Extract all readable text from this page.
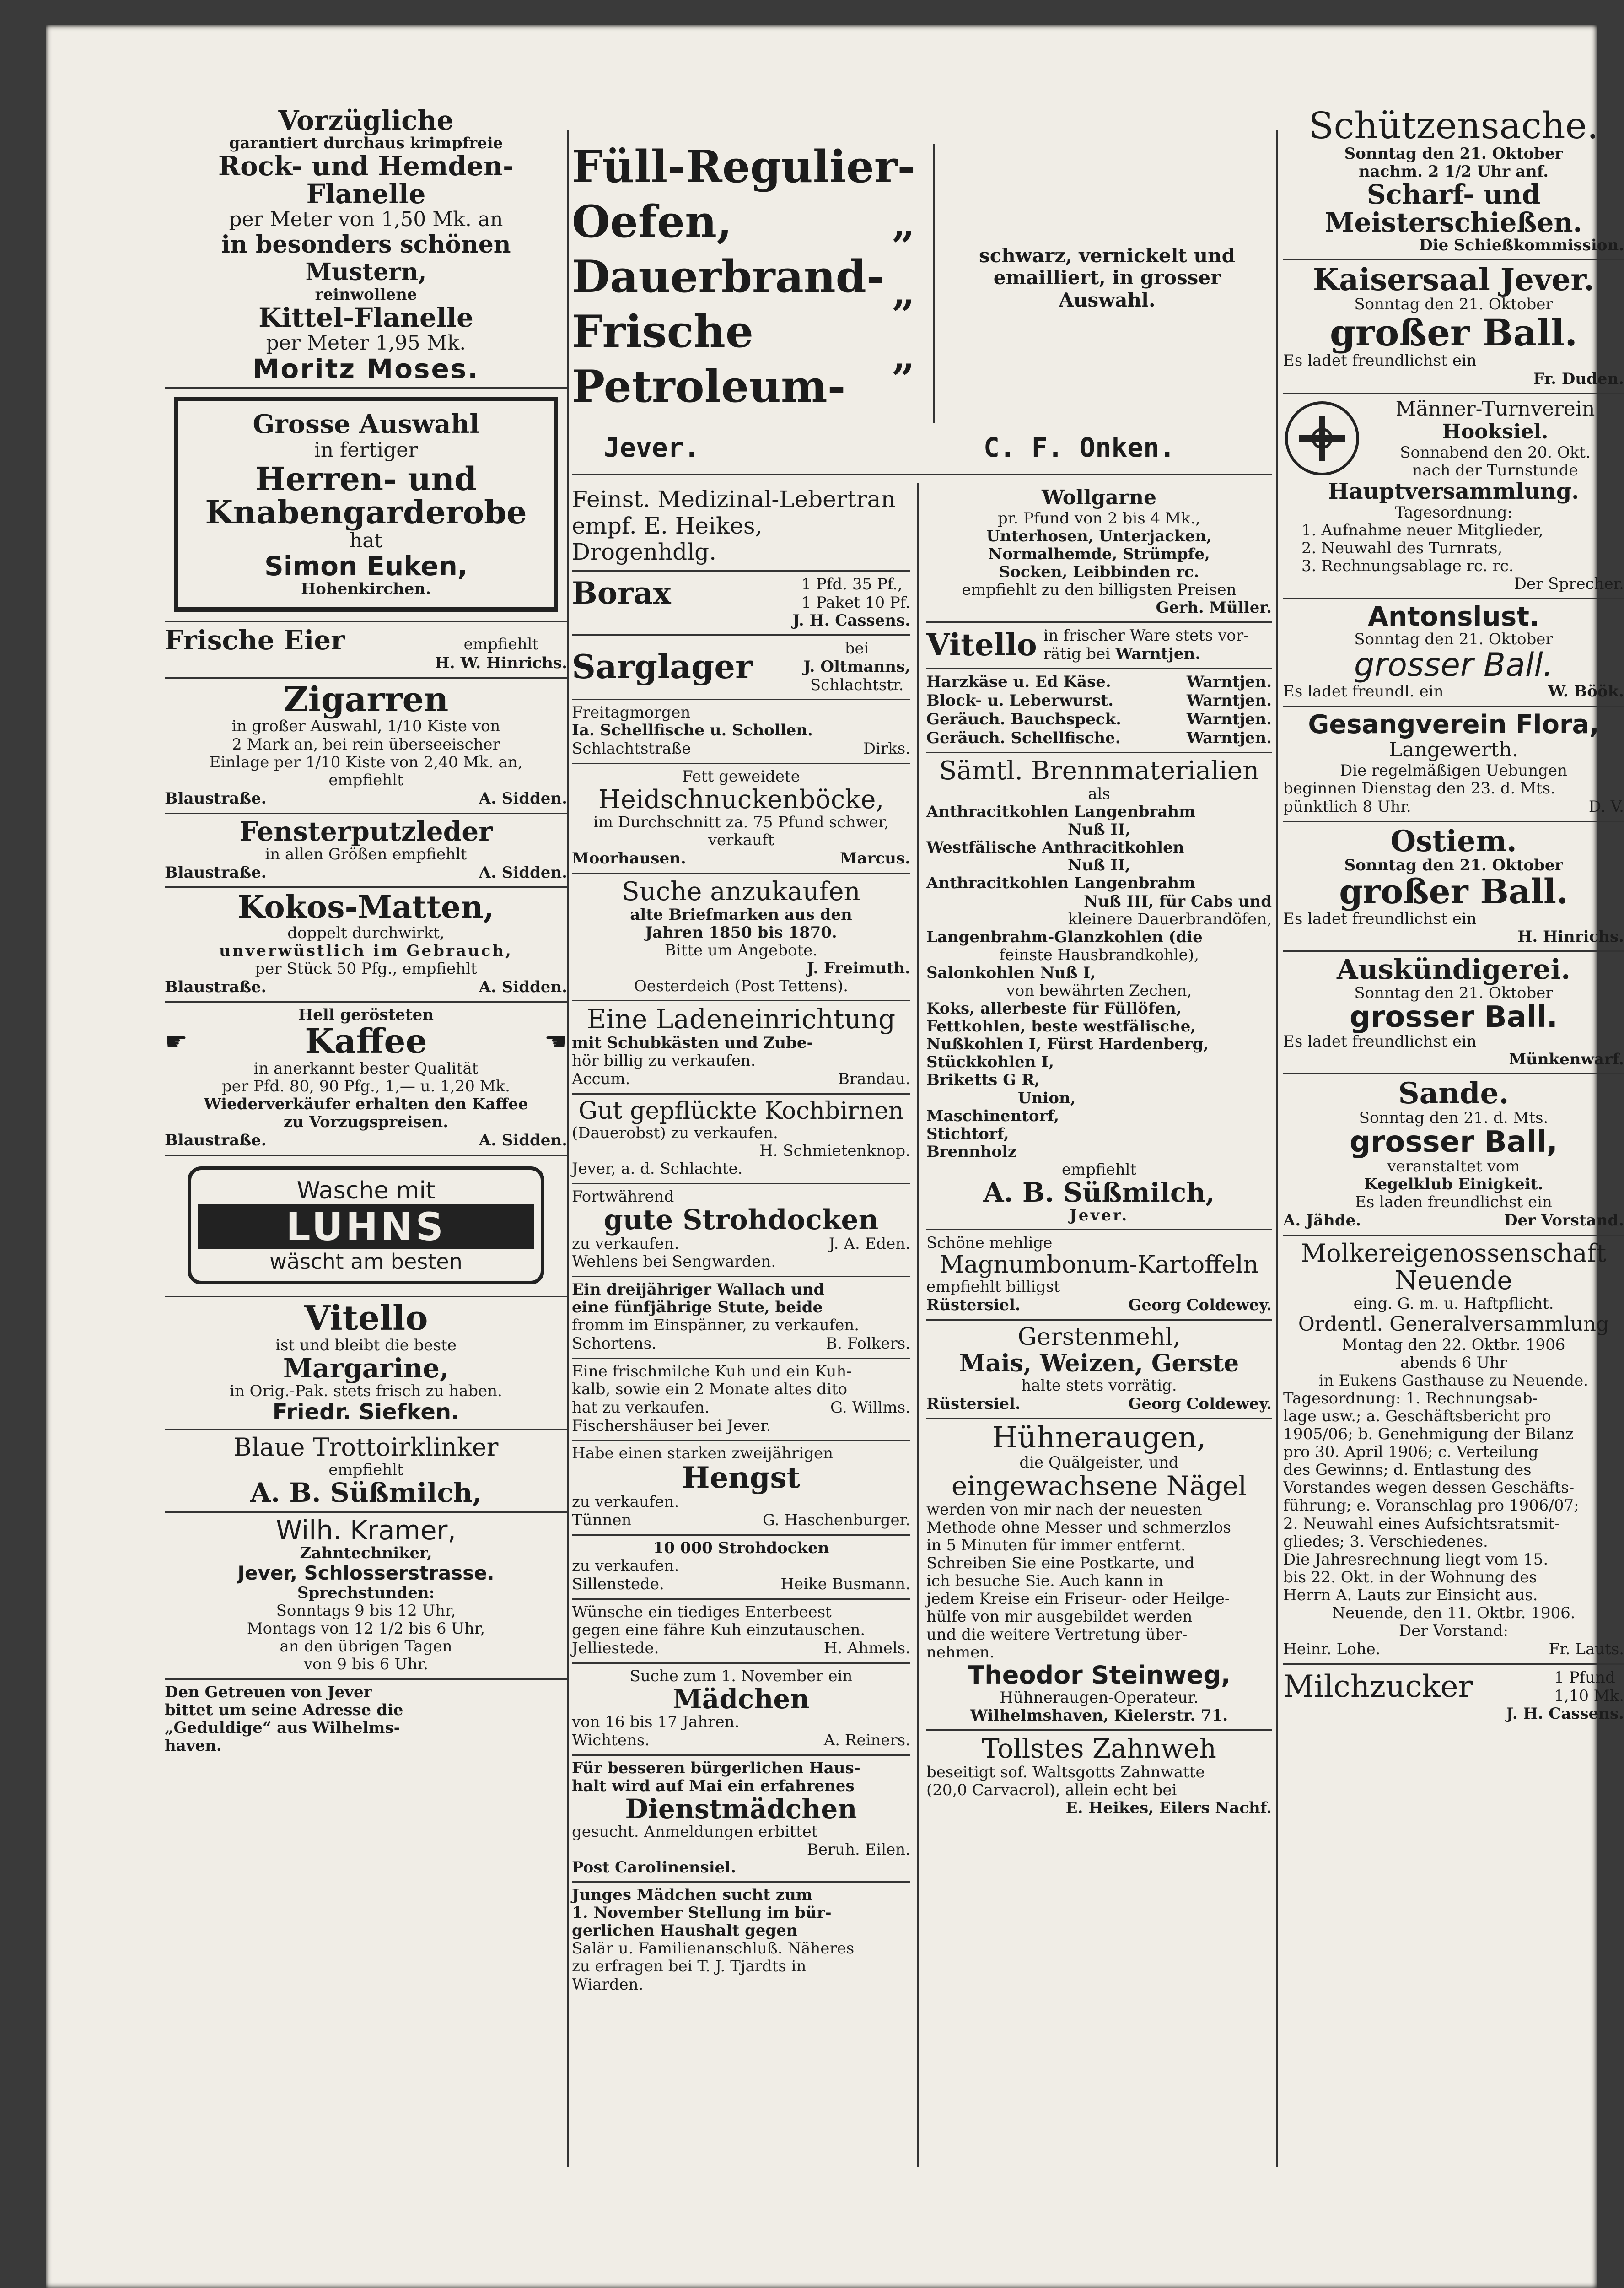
Vorzügliche

garantiert durchaus krimpfreie

Rock- und Hemden-

Flanelle

per Meter von 1,50 Mk. an

in besonders schönen Mustern,

reinwollene

Kittel-Flanelle

per Meter 1,95 Mk.

Moritz Moses.

Grosse Auswahl

in fertiger

Herren- und

Knabengarderobe

hat

Simon Euken,

Hohenkirchen.

Frische Eier	empfiehlt
H. W. Hinrichs.

Zigarren

in großer Auswahl, 1/10 Kiste von

2 Mark an, bei rein überseeischer

Einlage per 1/10 Kiste von 2,40 Mk. an,

empfiehlt

Blaustraße.	A. Sidden.

Fensterputzleder

in allen Größen empfiehlt

Blaustraße.	A. Sidden.

Kokos-Matten,

doppelt durchwirkt,

unverwüstlich im Gebrauch,

per Stück 50 Pfg., empfiehlt

Blaustraße.	A. Sidden.

Hell gerösteten

☛	Kaffee	☚

in anerkannt bester Qualität

per Pfd. 80, 90 Pfg., 1,— u. 1,20 Mk.

Wiederverkäufer erhalten den Kaffee

zu Vorzugspreisen.

Blaustraße.	A. Sidden.
Wasche mit
LUHNS
wäscht am besten

Vitello

ist und bleibt die beste

Margarine,

in Orig.-Pak. stets frisch zu haben.

Friedr. Siefken.

Blaue Trottoirklinker

empfiehlt

A. B. Süßmilch,

Wilh. Kramer,

Zahntechniker,

Jever, Schlosserstrasse.

Sprechstunden:

Sonntags 9 bis 12 Uhr,

Montags von 12 1/2 bis 6 Uhr,

an den übrigen Tagen

von 9 bis 6 Uhr.

Den Getreuen von Jever

bittet um seine Adresse die

„Geduldige“ aus Wilhelms-

haven.

Füll-Regulier-Oefen,

Dauerbrand-

Frische

Petroleum-

„
„
„

schwarz, vernickelt und

emailliert, in grosser

Auswahl.

Jever.	C. F. Onken.

Feinst. Medizinal-Lebertran

empf. E. Heikes, Drogenhdlg.

Borax	1 Pfd. 35 Pf.,
1 Paket 10 Pf.

J. H. Cassens.

Sarglager	bei
J. Oltmanns,
Schlachtstr.

Freitagmorgen

Ia. Schellfische u. Schollen.

Schlachtstraße	Dirks.

Fett geweidete

Heidschnuckenböcke,

im Durchschnitt za. 75 Pfund schwer,

verkauft

Moorhausen.	Marcus.

Suche anzukaufen

alte Briefmarken aus den

Jahren 1850 bis 1870.

Bitte um Angebote.

J. Freimuth.

Oesterdeich (Post Tettens).

Eine Ladeneinrichtung

mit Schubkästen und Zube-

hör billig zu verkaufen.

Accum.	Brandau.

Gut gepflückte Kochbirnen

(Dauerobst) zu verkaufen.

H. Schmietenknop.

Jever, a. d. Schlachte.

Fortwährend

gute Strohdocken

zu verkaufen.	J. A. Eden.

Wehlens bei Sengwarden.

Ein dreijähriger Wallach und

eine fünfjährige Stute, beide

fromm im Einspänner, zu verkaufen.

Schortens.	B. Folkers.

Eine frischmilche Kuh und ein Kuh-

kalb, sowie ein 2 Monate altes dito

hat zu verkaufen.	G. Willms.

Fischershäuser bei Jever.

Habe einen starken zweijährigen

Hengst

zu verkaufen.

Tünnen	G. Haschenburger.

10 000 Strohdocken

zu verkaufen.

Sillenstede.	Heike Busmann.

Wünsche ein tiediges Enterbeest

gegen eine fähre Kuh einzutauschen.

Jelliestede.	H. Ahmels.

Suche zum 1. November ein

Mädchen

von 16 bis 17 Jahren.

Wichtens.	A. Reiners.

Für besseren bürgerlichen Haus-

halt wird auf Mai ein erfahrenes

Dienstmädchen

gesucht. Anmeldungen erbittet

Beruh. Eilen.

Post Carolinensiel.

Junges Mädchen sucht zum

1. November Stellung im bür-

gerlichen Haushalt gegen

Salär u. Familienanschluß. Näheres

zu erfragen bei T. J. Tjardts in

Wiarden.

Wollgarne

pr. Pfund von 2 bis 4 Mk.,

Unterhosen, Unterjacken,

Normalhemde, Strümpfe,

Socken, Leibbinden rc.

empfiehlt zu den billigsten Preisen

Gerh. Müller.

Vitello in frischer Ware stets vor-
rätig bei Warntjen.
Harzkäse u. Ed Käse.	Warntjen.
Block- u. Leberwurst.	Warntjen.
Geräuch. Bauchspeck.	Warntjen.
Geräuch. Schellfische.	Warntjen.

Sämtl. Brennmaterialien

als

Anthracitkohlen Langenbrahm

Nuß II,

Westfälische Anthracitkohlen

Nuß II,

Anthracitkohlen Langenbrahm

Nuß III, für Cabs und

kleinere Dauerbrandöfen,

Langenbrahm-Glanzkohlen (die

feinste Hausbrandkohle),

Salonkohlen Nuß I,

von bewährten Zechen,

Koks, allerbeste für Füllöfen,

Fettkohlen, beste westfälische,

Nußkohlen I, Fürst Hardenberg,

Stückkohlen I,

Briketts G R,

Union,

Maschinentorf,

Stichtorf,

Brennholz

empfiehlt

A. B. Süßmilch,

Jever.

Schöne mehlige

Magnumbonum-Kartoffeln

empfiehlt billigst

Rüstersiel.	Georg Coldewey.

Gerstenmehl,

Mais, Weizen, Gerste

halte stets vorrätig.

Rüstersiel.	Georg Coldewey.

Hühneraugen,

die Quälgeister, und

eingewachsene Nägel

werden von mir nach der neuesten

Methode ohne Messer und schmerzlos

in 5 Minuten für immer entfernt.

Schreiben Sie eine Postkarte, und

ich besuche Sie. Auch kann in

jedem Kreise ein Friseur- oder Heilge-

hülfe von mir ausgebildet werden

und die weitere Vertretung über-

nehmen.

Theodor Steinweg,

Hühneraugen-Operateur.

Wilhelmshaven, Kielerstr. 71.

Tollstes Zahnweh

beseitigt sof. Waltsgotts Zahnwatte

(20,0 Carvacrol), allein echt bei

E. Heikes, Eilers Nachf.

Schützensache.

Sonntag den 21. Oktober

nachm. 2 1/2 Uhr anf.

Scharf- und

Meisterschießen.

Die Schießkommission.

Kaisersaal Jever.

Sonntag den 21. Oktober

großer Ball.

Es ladet freundlichst ein

Fr. Duden.

Männer-Turnverein

Hooksiel.

Sonnabend den 20. Okt.

nach der Turnstunde

Hauptversammlung.

Tagesordnung:

1. Aufnahme neuer Mitglieder,

2. Neuwahl des Turnrats,

3. Rechnungsablage rc. rc.

Der Sprecher.

Antonslust.

Sonntag den 21. Oktober

grosser Ball.

Es ladet freundl. ein	W. Böök.

Gesangverein Flora,

Langewerth.

Die regelmäßigen Uebungen

beginnen Dienstag den 23. d. Mts.

pünktlich 8 Uhr.	D. V.

Ostiem.

Sonntag den 21. Oktober

großer Ball.

Es ladet freundlichst ein

H. Hinrichs.

Auskündigerei.

Sonntag den 21. Oktober

grosser Ball.

Es ladet freundlichst ein

Münkenwarf.

Sande.

Sonntag den 21. d. Mts.

grosser Ball,

veranstaltet vom

Kegelklub Einigkeit.

Es laden freundlichst ein

A. Jähde.	Der Vorstand.

Molkereigenossenschaft

Neuende

eing. G. m. u. Haftpflicht.

Ordentl. Generalversammlung

Montag den 22. Oktbr. 1906

abends 6 Uhr

in Eukens Gasthause zu Neuende.

Tagesordnung: 1. Rechnungsab-

lage usw.; a. Geschäftsbericht pro

1905/06; b. Genehmigung der Bilanz

pro 30. April 1906; c. Verteilung

des Gewinns; d. Entlastung des

Vorstandes wegen dessen Geschäfts-

führung; e. Voranschlag pro 1906/07;

2. Neuwahl eines Aufsichtsratsmit-

gliedes; 3. Verschiedenes.

Die Jahresrechnung liegt vom 15.

bis 22. Okt. in der Wohnung des

Herrn A. Lauts zur Einsicht aus.

Neuende, den 11. Oktbr. 1906.

Der Vorstand:

Heinr. Lohe.	Fr. Lauts.
Milchzucker	1 Pfund
1,10 Mk.

J. H. Cassens.
